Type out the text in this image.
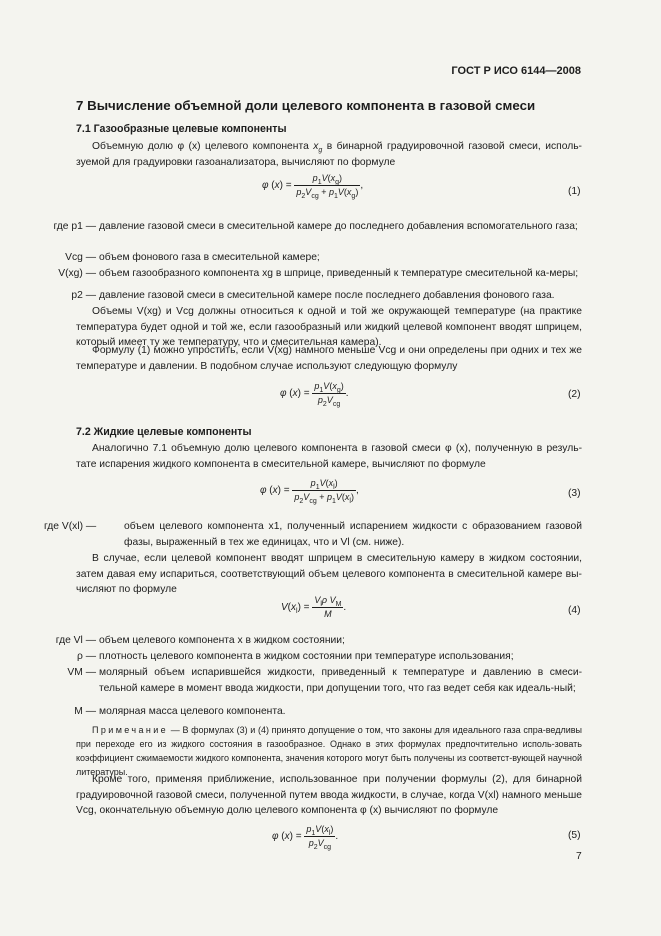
ГОСТ Р ИСО 6144—2008
7 Вычисление объемной доли целевого компонента в газовой смеси
7.1 Газообразные целевые компоненты
Объемную долю φ (x) целевого компонента $x_g$ в бинарной градуировочной газовой смеси, исполь-зуемой для градуировки газоанализатора, вычисляют по формуле
φ $(x) = \frac{p_1V(x_g)}{p_2V_{cg} + p_1V(x_g)}$ ,
(1)
где p1 — давление газовой смеси в смесительной камере до последнего добавления вспомогательного газа;
Vcg — объем фонового газа в смесительной камере;
V(xg) — объем газообразного компонента xg в шприце, приведенный к температуре смесительной ка-меры;
p2 — давление газовой смеси в смесительной камере после последнего добавления фонового газа.
Объемы V(xg) и Vcg должны относиться к одной и той же окружающей температуре (на практике температура будет одной и той же, если газообразный или жидкий целевой компонент вводят шприцем, который имеет ту же температуру, что и смесительная камера).
Формулу (1) можно упростить, если V(xg) намного меньше Vcg и они определены при одних и тех же температуре и давлении. В подобном случае используют следующую формулу
φ $(x) = \frac{p_1V(x_g)}{p_2V_{cg}}$ .	(2)
7.2 Жидкие целевые компоненты
Аналогично 7.1 объемную долю целевого компонента в газовой смеси φ (x), полученную в резуль-тате испарения жидкого компонента в смесительной камере, вычисляют по формуле
φ $(x) = \frac{p_1V(x_l)}{p_2V_{cg} + p_1V(x_l)}$ ,	(3)
где V(xl) —	объем целевого компонента x1, полученный испарением жидкости с образованием газовой фазы, выраженный в тех же единицах, что и Vl (см. ниже).
В случае, если целевой компонент вводят шприцем в смесительную камеру в жидком состоянии, затем давая ему испариться, соответствующий объем целевого компонента в смесительной камере вы-числяют по формуле
$V(x_l) = \frac{V_l\rho V_M}{M}$ .	(4)
где Vl — объем целевого компонента x в жидком состоянии;
ρ — плотность целевого компонента в жидком состоянии при температуре использования;
VM — молярный объем испарившейся жидкости, приведенный к температуре и давлению в смеси-тельной камере в момент ввода жидкости, при допущении того, что газ ведет себя как идеаль-ный;
M — молярная масса целевого компонента.
Примечание — В формулах (3) и (4) принято допущение о том, что законы для идеального газа спра-ведливы при переходе его из жидкого состояния в газообразное. Однако в этих формулах предпочтительно исполь-зовать коэффициент сжимаемости жидкого компонента, значения которого могут быть получены из соответст-вующей научной литературы.
Кроме того, применяя приближение, использованное при получении формулы (2), для бинарной градуировочной газовой смеси, полученной путем ввода жидкости, в случае, когда V(xl) намного меньше Vcg, окончательную объемную долю целевого компонента φ (x) вычисляют по формуле
φ $(x) = \frac{p_1V(x_l)}{p_2V_{cg}}$ .	(5)
7
